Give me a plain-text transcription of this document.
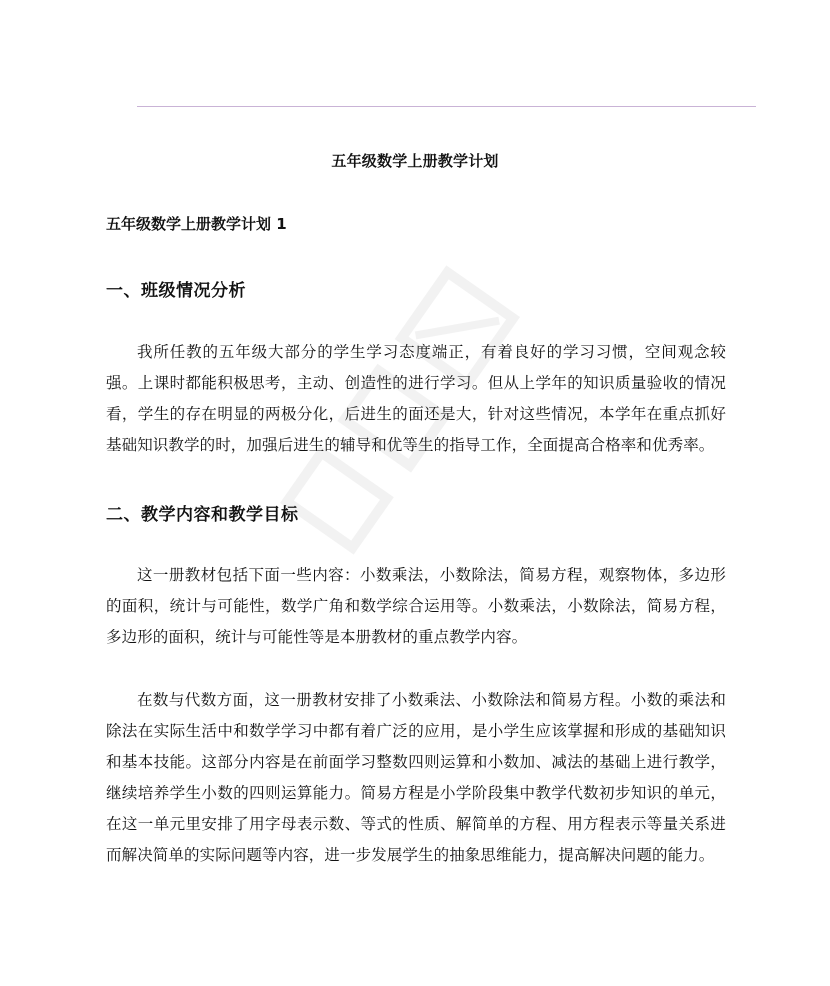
五年级数学上册教学计划
五年级数学上册教学计划 1
一、班级情况分析

我所任教的五年级大部分的学生学习态度端正，有着良好的学习习惯，空间观念较强。上课时都能积极思考，主动、创造性的进行学习。但从上学年的知识质量验收的情况看，学生的存在明显的两极分化，后进生的面还是大，针对这些情况，本学年在重点抓好基础知识教学的时，加强后进生的辅导和优等生的指导工作，全面提高合格率和优秀率。

二、教学内容和教学目标

这一册教材包括下面一些内容：小数乘法，小数除法，简易方程，观察物体，多边形的面积，统计与可能性，数学广角和数学综合运用等。小数乘法，小数除法，简易方程，多边形的面积，统计与可能性等是本册教材的重点教学内容。

在数与代数方面，这一册教材安排了小数乘法、小数除法和简易方程。小数的乘法和除法在实际生活中和数学学习中都有着广泛的应用，是小学生应该掌握和形成的基础知识和基本技能。这部分内容是在前面学习整数四则运算和小数加、减法的基础上进行教学，继续培养学生小数的四则运算能力。简易方程是小学阶段集中教学代数初步知识的单元，在这一单元里安排了用字母表示数、等式的性质、解简单的方程、用方程表示等量关系进而解决简单的实际问题等内容，进一步发展学生的抽象思维能力，提高解决问题的能力。
